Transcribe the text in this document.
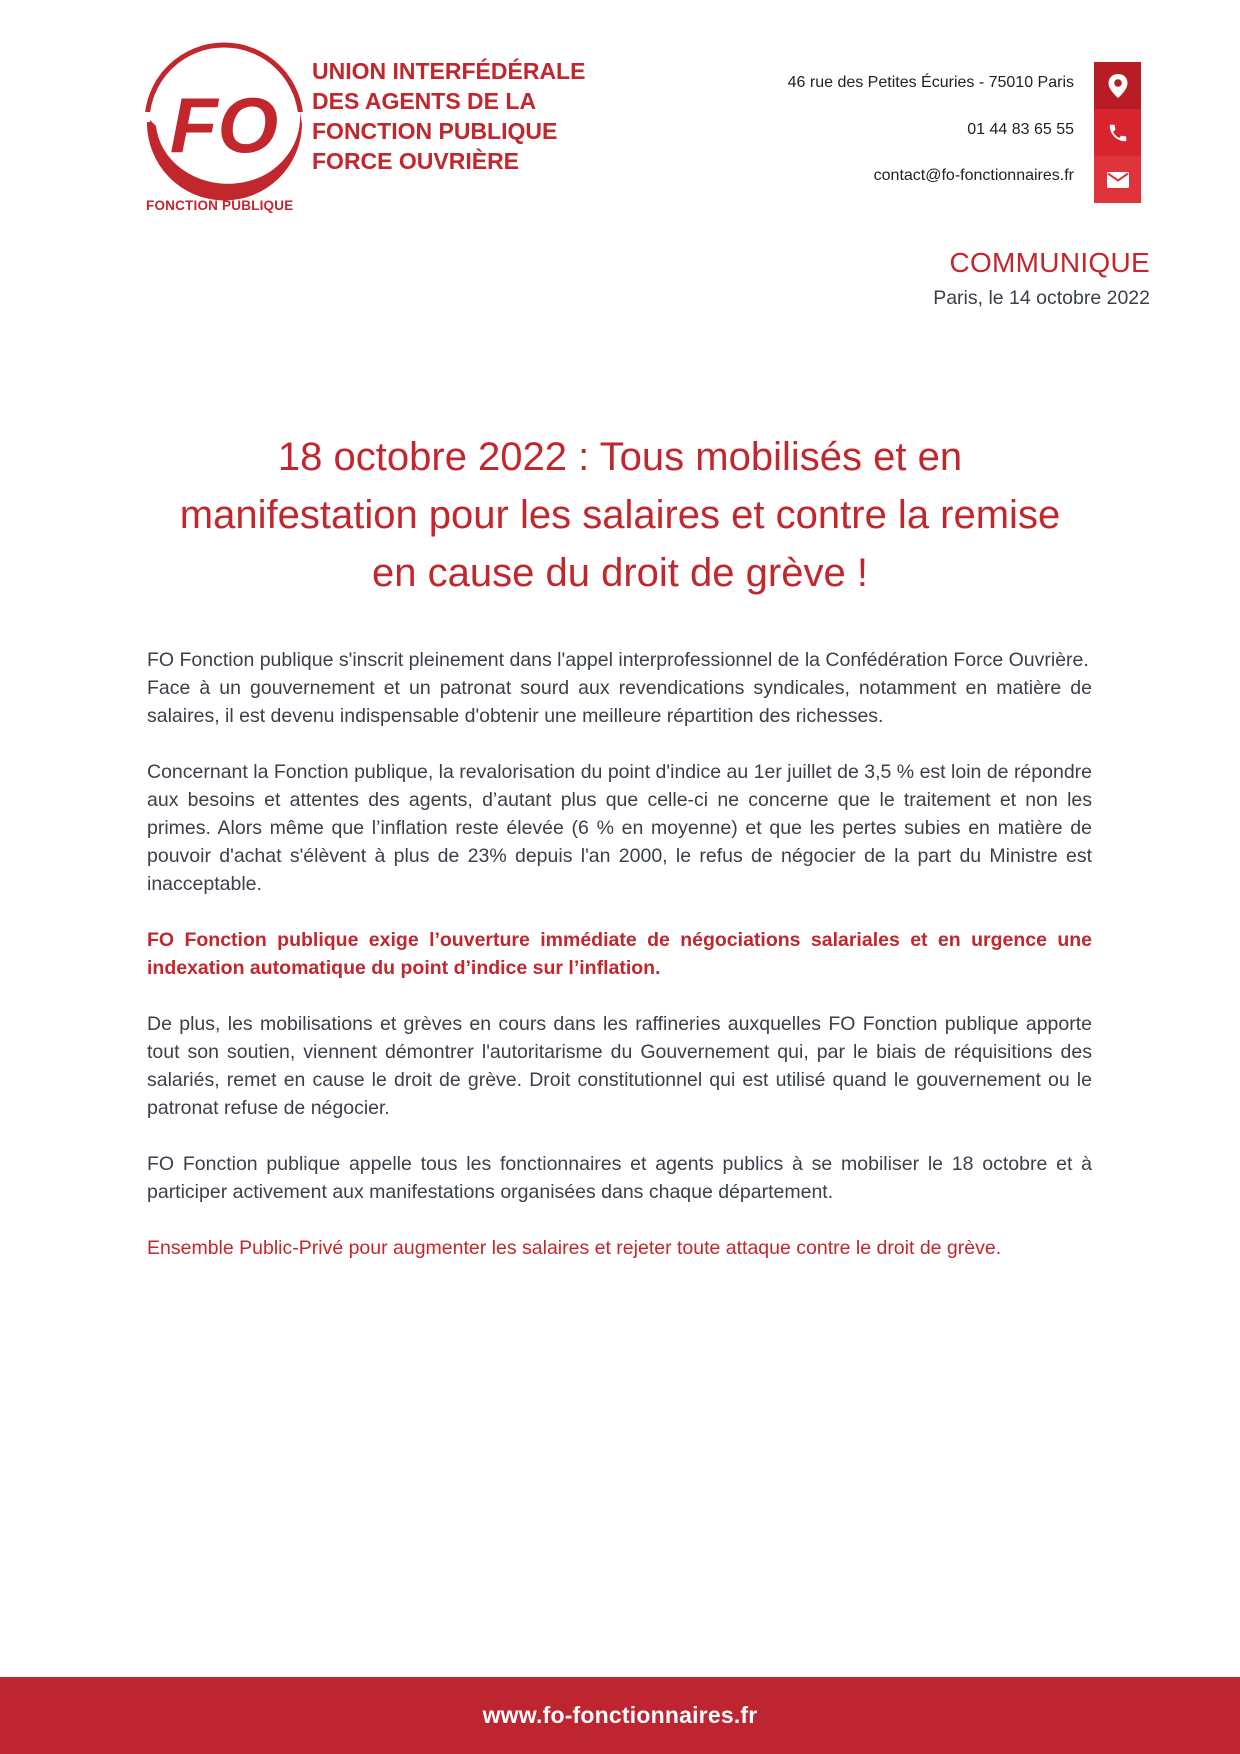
FO
FONCTION PUBLIQUE
UNION INTERFÉDÉRALE
DES AGENTS DE LA
FONCTION PUBLIQUE
FORCE OUVRIÈRE
46 rue des Petites Écuries - 75010 Paris
01 44 83 65 55
contact@fo-fonctionnaires.fr
COMMUNIQUE
Paris, le 14 octobre 2022
18 octobre 2022 : Tous mobilisés et en
manifestation pour les salaires et contre la remise
en cause du droit de grève !

FO Fonction publique s'inscrit pleinement dans l'appel interprofessionnel de la Confédération Force Ouvrière.
Face à un gouvernement et un patronat sourd aux revendications syndicales, notamment en matière de salaires, il est devenu indispensable d'obtenir une meilleure répartition des richesses.

Concernant la Fonction publique, la revalorisation du point d'indice au 1er juillet de 3,5 % est loin de répondre aux besoins et attentes des agents, d’autant plus que celle-ci ne concerne que le traitement et non les primes. Alors même que l’inflation reste élevée (6 % en moyenne) et que les pertes subies en matière de pouvoir d'achat s'élèvent à plus de 23% depuis l'an 2000, le refus de négocier de la part du Ministre est inacceptable.

FO Fonction publique exige l’ouverture immédiate de négociations salariales et en urgence une indexation automatique du point d’indice sur l’inflation.

De plus, les mobilisations et grèves en cours dans les raffineries auxquelles FO Fonction publique apporte tout son soutien, viennent démontrer l'autoritarisme du Gouvernement qui, par le biais de réquisitions des salariés, remet en cause le droit de grève. Droit constitutionnel qui est utilisé quand le gouvernement ou le patronat refuse de négocier.

FO Fonction publique appelle tous les fonctionnaires et agents publics à se mobiliser le 18 octobre et à participer activement aux manifestations organisées dans chaque département.

Ensemble Public-Privé pour augmenter les salaires et rejeter toute attaque contre le droit de grève.

www.fo-fonctionnaires.fr
